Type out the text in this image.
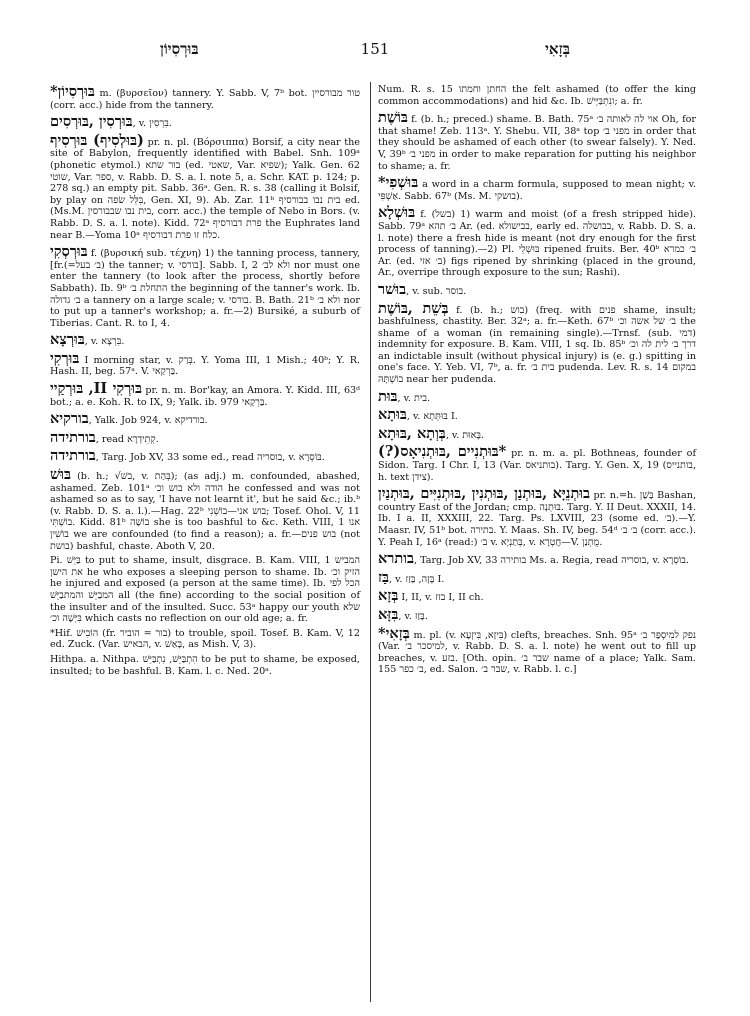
בּוּרְסִיוֹן	151	בְּזָאִי
*בּוּרְסִיוֹן m. (βυρσεῖον) tannery. Y. Sabb. V, 7ᵇ bot. טור מבורסיין (corr. acc.) hide from the tannery.
בּוּרְסִין ,בּוּרְסִים, v. בִּרְסִין.
בּוּלְסִיף) בּוּרְסִיף) pr. n. pl. (Βόρσιππα) Borsif, a city near the site of Babylon, frequently identified with Babel. Snh. 109ᵃ (phonetic etymol.) בור שתא (ed. שאטי, Var. שפיא); Yalk. Gen. 62 שוטי, Var. ספר, v. Rabb. D. S. a. l. note 5, a. Schr. KAT. p. 124; p. 278 sq.) an empty pit. Sabb. 36ᵃ. Gen. R. s. 38 (calling it Bolsif, by play on בִּלֵּל שׂפה, Gen. XI, 9). Ab. Zar. 11ᵇ בית נבו בבורסיף ed.(Ms.M. בית נבו שבבורסין, corr. acc.) the temple of Nebo in Bors. (v. Rabb. D. S. a. l. note). Kidd. 72ᵃ פרת דבורסיף the Euphrates land near B.—Yoma 10ᵃ כלח זו פרת דבורסיף.
בּוּרְסְקִי f. (βυρσική sub. τέχνη) 1) the tanning process, tannery, [fr.(=ב׳ בעל) the tanner; v. בורסי]. Sabb. I, 2 ולא לב׳ nor must one enter the tannery (to look after the process, shortly before Sabbath). Ib. 9ᵇ התחלת ב׳ the beginning of the tanner's work. Ib. ב׳ גדולה a tannery on a large scale; v. בורסי. B. Bath. 21ᵇ ולא ב׳ nor to put up a tanner's workshop; a. fr.—2) Bursiké, a suburb of Tiberias. Cant. R. to I, 4.
בּוּרְצָא, v. בִּרְצָא.
בּוּרְקִי I morning star, v. בְּרַק. Y. Yoma III, 1 Mish.; 40ᵇ; Y. R. Hash. II, beg. 57ᵃ. V. בַּרְקַאי.
בּוּרְקַיי ,II בּוּרְקִי pr. n. m. Bor'kay, an Amora. Y. Kidd. III, 63ᵈ bot.; a. e. Koh. R. to IX, 9; Yalk. ib. 979 בַּרְקַאי.
בורקיא, Yalk. Job 924, v. בורדיקא.
בורתידה, read קְתֵידְרָא.
בורתידה, Targ. Job XV, 33 some ed., read בוסריה, v. בּוֹסְרָא.
בּוּשׁ (b. h.; √בשׁ, v. בְּהַת); (as adj.) m. confounded, abashed, ashamed. Zeb. 101ᵃ הודה ולא בוש וכ׳ he confessed and was not ashamed so as to say, 'I have not learnt it', but he said &c.; ib.ᵇ (v. Rabb. D. S. a. l.).—Hag. 22ᵇ בוש אני—בוֹשְׁנִי; Tosef. Ohol. V, 11 בוֹשְׁתִּי. Kidd. 81ᵇ בוֹשָׁה she is too bashful to &c. Keth. VIII, 1 אנו בוֹשִׁין we are confounded (to find a reason); a. fr.—בוש פנים (not בושת) bashful, chaste. Aboth V, 20.
Pi. בַּיֵּשׁ to put to shame, insult, disgrace. B. Kam. VIII, 1 המביש את הישן he who exposes a sleeping person to shame. Ib. הזיק וכ׳ he injured and exposed (a person at the same time). Ib. הכל לפי המבַיֵּשׁ והמתבַיֵּשׁ all (the fine) according to the social position of the insulter and of the insulted. Succ. 53ᵃ happy our youth שלא בִּיְּשָׁה וכ׳ which casts no reflection on our old age; a. fr.
*Hif. הוֹבִישׁ (fr. בור = הוביר) to trouble, spoil. Tosef. B. Kam. V, 12 ed. Zuck. (Var. הבאיש, v. בָּאַשׁ, as Mish. V, 3).
Hithpa. a. Nithpa. הִתְבַּיֵּשׁ, נִתְבַּיֵּשׁ to be put to shame, be exposed, insulted; to be bashful. B. Kam. l. c. Ned. 20ᵃ.
Num. R. s. 15 החתן וחמתו the felt ashamed (to offer the king common accommodations) and hid &c. Ib. ונִתְבַּיְּישׁ; a. fr.
בּוֹשֶׁת f. (b. h.; preced.) shame. B. Bath. 75ᵃ אוי לה לאותה ב׳ Oh, for that shame! Zeb. 113ᵃ. Y. Shebu. VII, 38ᵃ top מפני ב׳ in order that they should be ashamed of each other (to swear falsely). Y. Ned. V, 39ᵇ מפני ב׳ in order to make reparation for putting his neighbor to shame; a. fr.
*בּוּשְׁפִי a word in a charm formula, supposed to mean night; v. אַשְׁפִּי. Sabb. 67ᵇ (Ms. M. בושקי).
בּוּשְׁלָא f. (בשל) 1) warm and moist (of a fresh stripped hide). Sabb. 79ᵃ ב׳ תהא Ar. (ed. בבישולא, early ed. בבושלה, v. Rabb. D. S. a. l. note) there a fresh hide is meant (not dry enough for the first process of tanning).—2) Pl. בּוּשְׁלֵי ripened fruits. Ber. 40ᵇ ב׳ כמרא Ar. (ed. ב׳ אזי) figs ripened by shrinking (placed in the ground, Ar., overripe through exposure to the sun; Rashi).
בוּשׁר, v. sub. בוסר.
בְּשֵׁת ,בּוֹשֶׁת f. (b. h.; בוש) (freq. with פנים shame, insult; bashfulness, chastity. Ber. 32ᵃ; a. fr.—Keth. 67ᵇ ב׳ של אשה וכ׳ the shame of a woman (in remaining single).—Trnsf. (sub. דמי) indemnity for exposure. B. Kam. VIII, 1 sq. Ib. 85ᵇ דרך ב׳ לית לה וכ׳ an indictable insult (without physical injury) is (e. g.) spitting in one's face. Y. Yeb. VI, 7ᵇ, a. fr. בית ב׳ pudenda. Lev. R. s. 14 במקום בוֹשְׁתָּהּ near her pudenda.
בּוּת, v. בית.
בּוּתָא, v. בּוּתְּתָא I.
בְּוְתָא ,בּוּתָא, v. בָּאוּת.
(?)בּוּתְנִיים ,בּוּתְנִיאָס* pr. n. m. a. pl. Bothneas, founder of Sidon. Targ. I Chr. I, 13 (Var. בותניאס). Targ. Y. Gen. X, 19 (בותנייס, h. text צידן).
בוּתְנֵיָּא ,בּוּתְנַן ,בּוּתְנִין ,בּוּתְנִיִּים ,בּוּתְנַיִן pr. n.=h. בָּשָׁן Bashan, country East of the Jordan; cmp. בּוּתְנָה. Targ. Y. II Deut. XXXII, 14. Ib. I a. II, XXXIII, 22. Targ. Ps. LXVIII, 23 (some ed. ב׳).—Y. Maasr. IV, 51ᵇ bot. בתירה. Y. Maas. Sh. IV, beg. 54ᵈ ב׳ ב׳ (corr. acc.). Y. Peah I, 16ᵃ (read:) ב׳ v. בְּתַנְיָא, v. חֲטְרָא—V. מֻתְנַן.
בותרא, Targ. Job XV, 33 בותירה Ms. a. Regia, read בוסריה, v. בוֹסְרָא.
בַּז, v. בָּזָה, בָּזַז I.
בְּזָא I, II, v. בזז I, II ch.
בִּזָּא, v. בָּזַז.
*בְּזָאִי m. pl. (v. בִּיזָא, בִּיזְעָא) clefts, breaches. Snh. 95ᵃ נפק למִיסְפַּר ב׳ (Var. למיסכר ב׳, v. Rabb. D. S. a. l. note) he went out to fill up breaches, v. בזע. [Oth. opin. שבר ב׳ name of a place; Yalk. Sam. 155 ב׳ כפר, ed. Salon. שבר ב׳, v. Rabb. l. c.]
